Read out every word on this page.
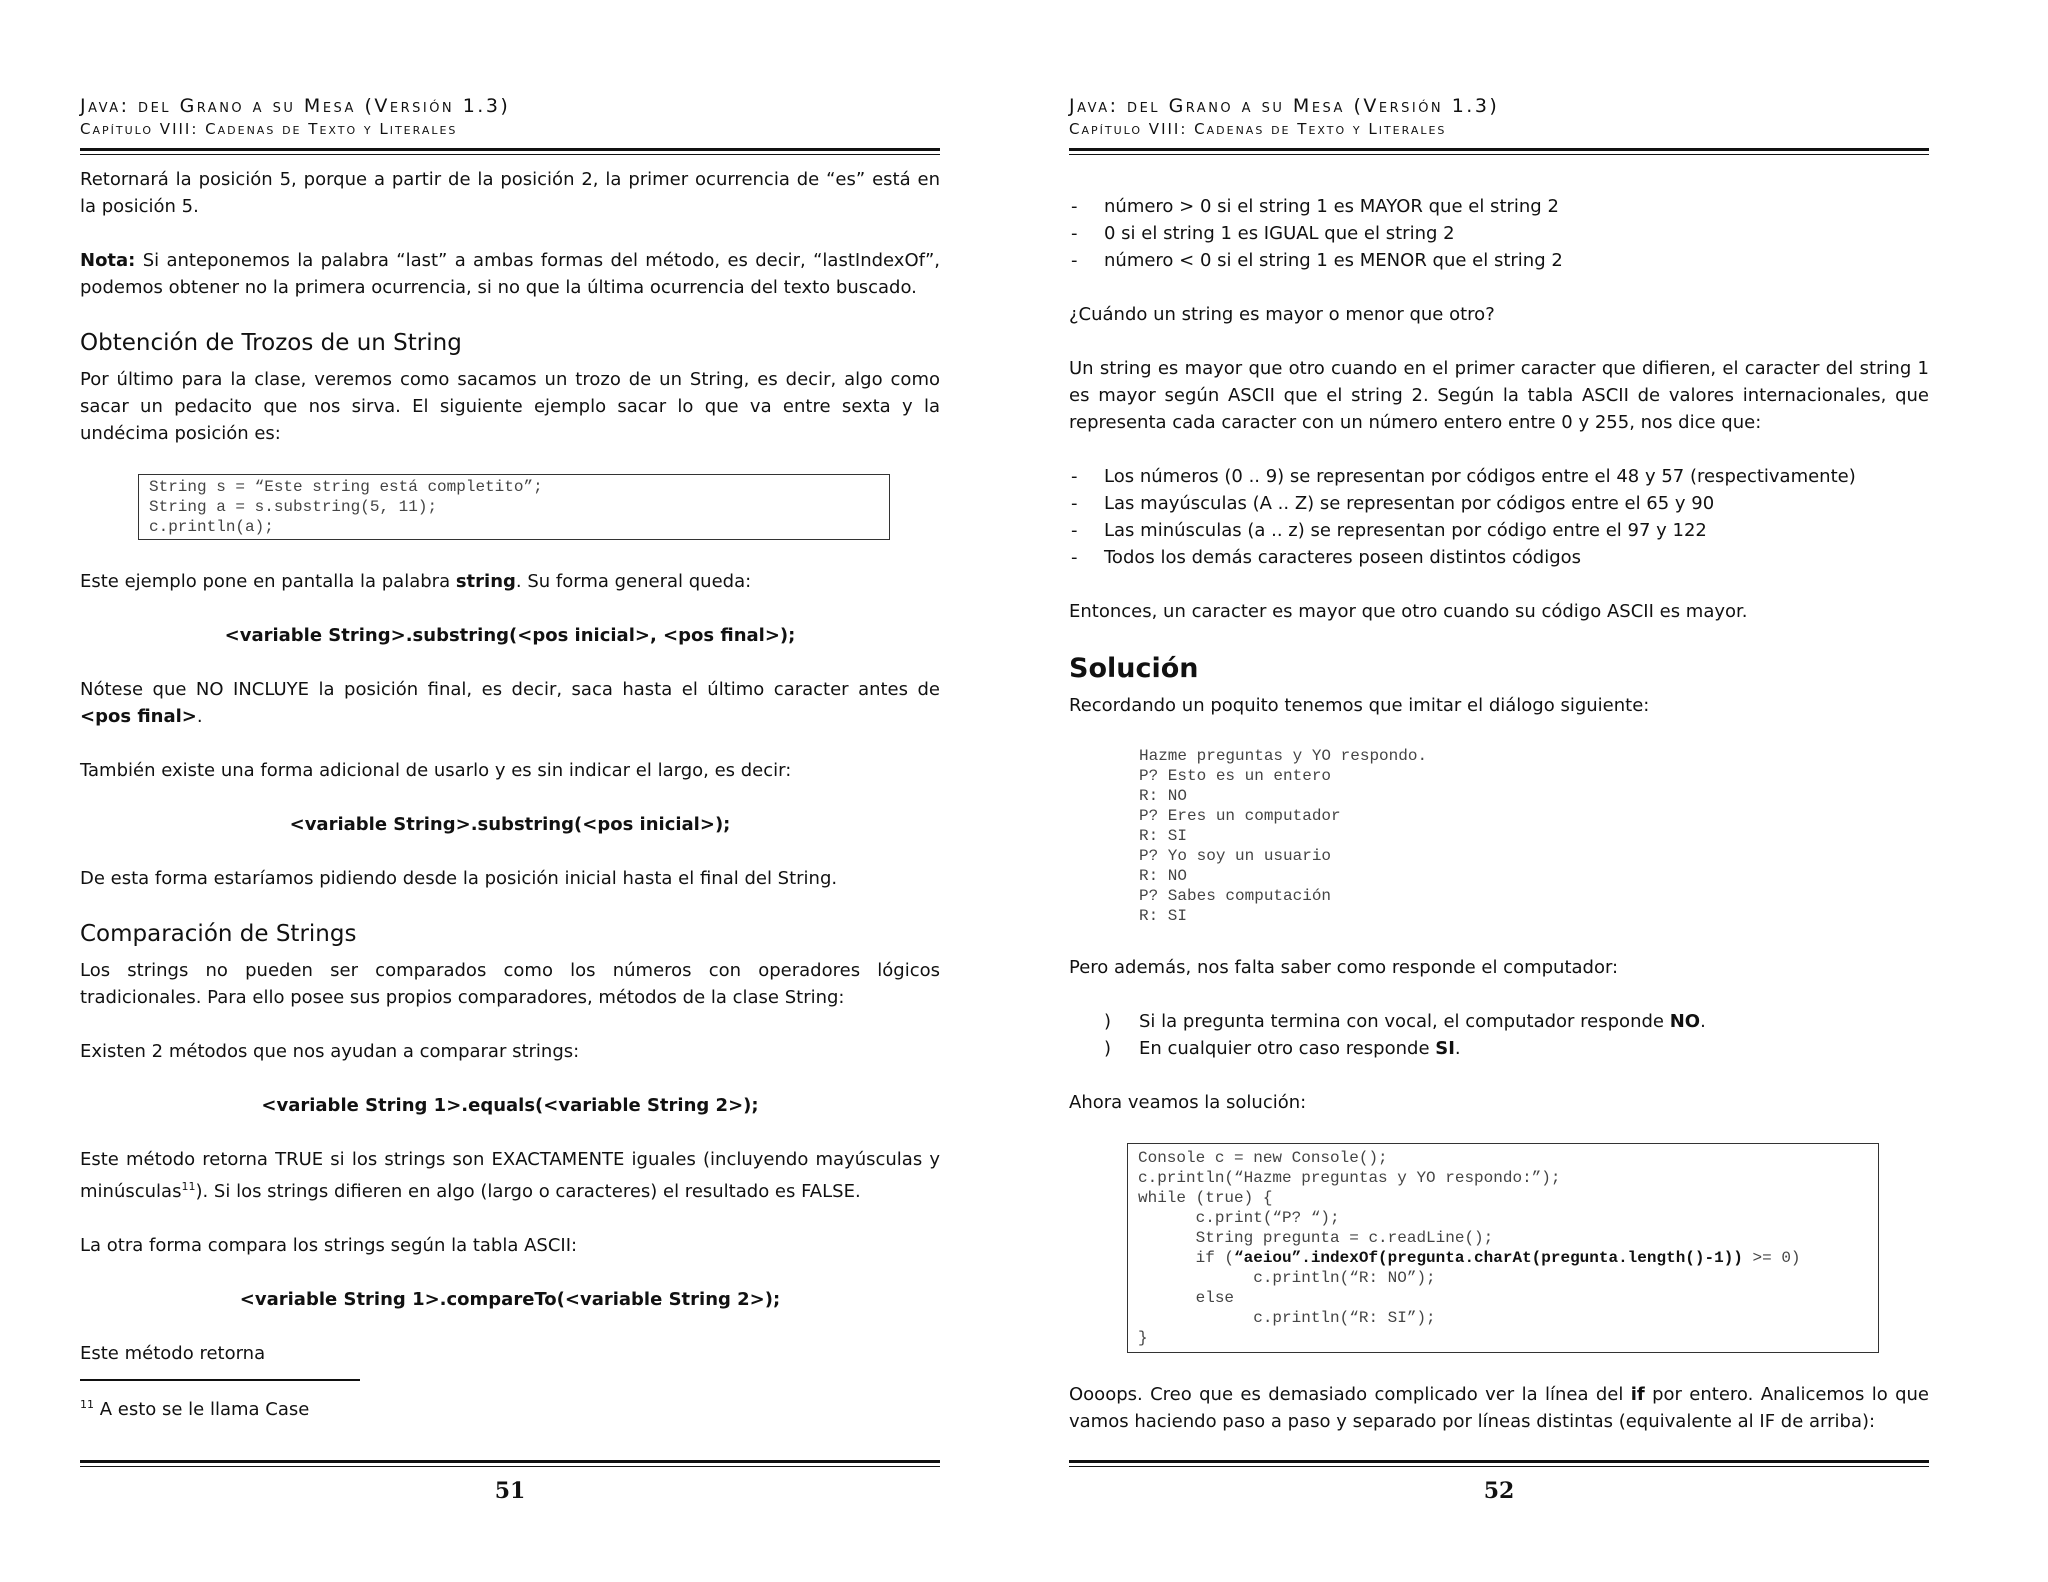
Java: del Grano a su Mesa (Versión 1.3)
Capítulo VIII: Cadenas de Texto y Literales

Retornará la posición 5, porque a partir de la posición 2, la primer ocurrencia de “es” está en la posición 5.

Nota: Si anteponemos la palabra “last” a ambas formas del método, es decir, “lastIndexOf”, podemos obtener no la primera ocurrencia, si no que la última ocurrencia del texto buscado.

Obtención de Trozos de un String

Por último para la clase, veremos como sacamos un trozo de un String, es decir, algo como sacar un pedacito que nos sirva. El siguiente ejemplo sacar lo que va entre sexta y la undécima posición es:

String s = “Este string está completito”;
String a = s.substring(5, 11);
c.println(a);

Este ejemplo pone en pantalla la palabra string. Su forma general queda:

<variable String>.substring(<pos inicial>, <pos final>);

Nótese que NO INCLUYE la posición final, es decir, saca hasta el último caracter antes de <pos final>.

También existe una forma adicional de usarlo y es sin indicar el largo, es decir:

<variable String>.substring(<pos inicial>);

De esta forma estaríamos pidiendo desde la posición inicial hasta el final del String.

Comparación de Strings

Los strings no pueden ser comparados como los números con operadores lógicos tradicionales. Para ello posee sus propios comparadores, métodos de la clase String:

Existen 2 métodos que nos ayudan a comparar strings:

<variable String 1>.equals(<variable String 2>);

Este método retorna TRUE si los strings son EXACTAMENTE iguales (incluyendo mayúsculas y minúsculas$^{11}$). Si los strings difieren en algo (largo o caracteres) el resultado es FALSE.

La otra forma compara los strings según la tabla ASCII:

<variable String 1>.compareTo(<variable String 2>);

Este método retorna

$^{11}$ A esto se le llama Case
51
Java: del Grano a su Mesa (Versión 1.3)
Capítulo VIII: Cadenas de Texto y Literales
- número > 0 si el string 1 es MAYOR que el string 2
- 0 si el string 1 es IGUAL que el string 2
- número < 0 si el string 1 es MENOR que el string 2

¿Cuándo un string es mayor o menor que otro?

Un string es mayor que otro cuando en el primer caracter que difieren, el caracter del string 1 es mayor según ASCII que el string 2. Según la tabla ASCII de valores internacionales, que representa cada caracter con un número entero entre 0 y 255, nos dice que:

- Los números (0 .. 9) se representan por códigos entre el 48 y 57 (respectivamente)
- Las mayúsculas (A .. Z) se representan por códigos entre el 65 y 90
- Las minúsculas (a .. z) se representan por código entre el 97 y 122
- Todos los demás caracteres poseen distintos códigos

Entonces, un caracter es mayor que otro cuando su código ASCII es mayor.

Solución

Recordando un poquito tenemos que imitar el diálogo siguiente:

Hazme preguntas y YO respondo.
P? Esto es un entero
R: NO
P? Eres un computador
R: SI
P? Yo soy un usuario
R: NO
P? Sabes computación
R: SI

Pero además, nos falta saber como responde el computador:

) Si la pregunta termina con vocal, el computador responde NO.
) En cualquier otro caso responde SI.

Ahora veamos la solución:

Console c = new Console();
c.println(“Hazme preguntas y YO respondo:”);
while (true) {
c.print(“P? “);
String pregunta = c.readLine();
if (“aeiou”.indexOf(pregunta.charAt(pregunta.length()-1)) >= 0)
c.println(“R: NO”);
else
c.println(“R: SI”);
}

Oooops. Creo que es demasiado complicado ver la línea del if por entero. Analicemos lo que vamos haciendo paso a paso y separado por líneas distintas (equivalente al IF de arriba):

52
